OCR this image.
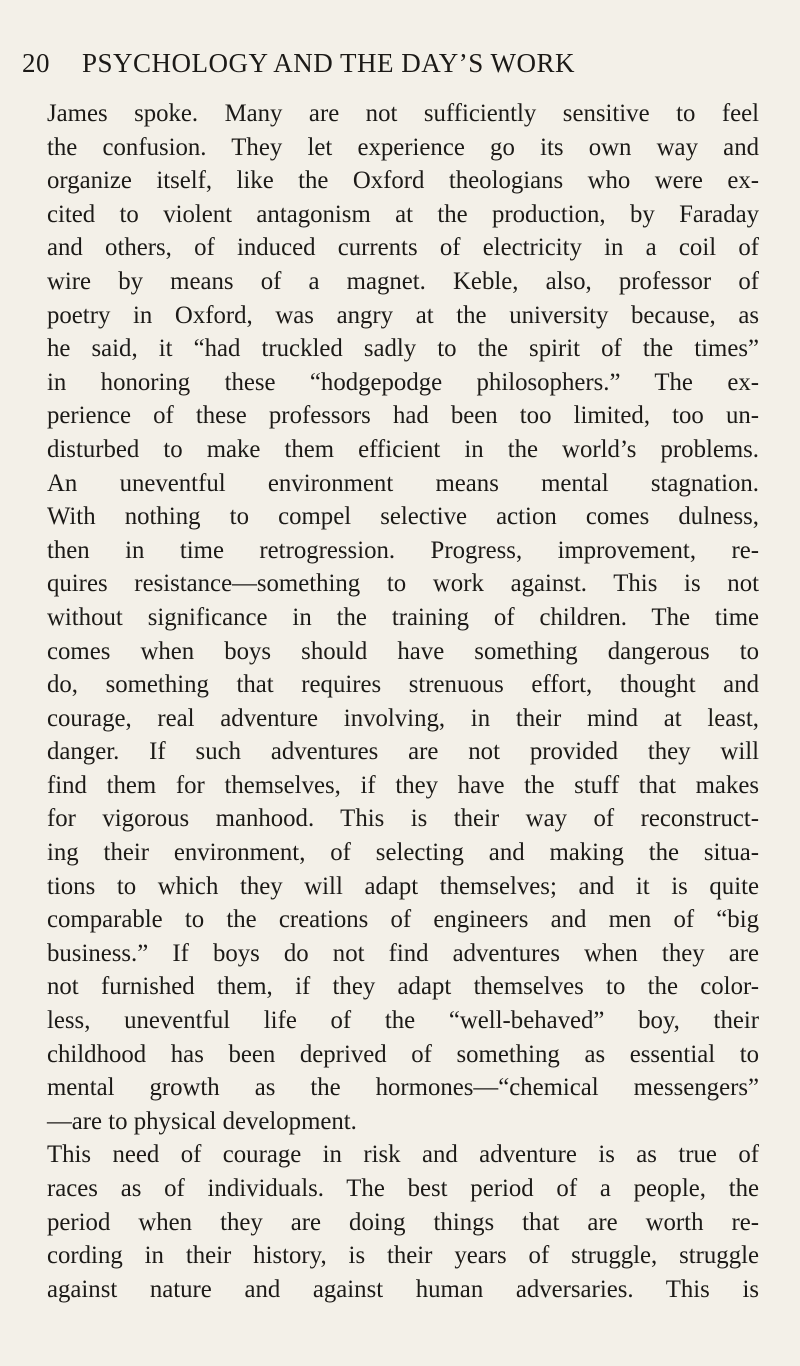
20 PSYCHOLOGY AND THE DAY’S WORK
James spoke. Many are not sufficiently sensitive to feel
the confusion. They let experience go its own way and
organize itself, like the Oxford theologians who were ex-
cited to violent antagonism at the production, by Faraday
and others, of induced currents of electricity in a coil of
wire by means of a magnet. Keble, also, professor of
poetry in Oxford, was angry at the university because, as
he said, it “had truckled sadly to the spirit of the times”
in honoring these “hodgepodge philosophers.” The ex-
perience of these professors had been too limited, too un-
disturbed to make them efficient in the world’s problems.
An uneventful environment means mental stagnation.
With nothing to compel selective action comes dulness,
then in time retrogression. Progress, improvement, re-
quires resistance—something to work against. This is not
without significance in the training of children. The time
comes when boys should have something dangerous to
do, something that requires strenuous effort, thought and
courage, real adventure involving, in their mind at least,
danger. If such adventures are not provided they will
find them for themselves, if they have the stuff that makes
for vigorous manhood. This is their way of reconstruct-
ing their environment, of selecting and making the situa-
tions to which they will adapt themselves; and it is quite
comparable to the creations of engineers and men of “big
business.” If boys do not find adventures when they are
not furnished them, if they adapt themselves to the color-
less, uneventful life of the “well-behaved” boy, their
childhood has been deprived of something as essential to
mental growth as the hormones—“chemical messengers”
—are to physical development.
This need of courage in risk and adventure is as true of
races as of individuals. The best period of a people, the
period when they are doing things that are worth re-
cording in their history, is their years of struggle, struggle
against nature and against human adversaries. This is
